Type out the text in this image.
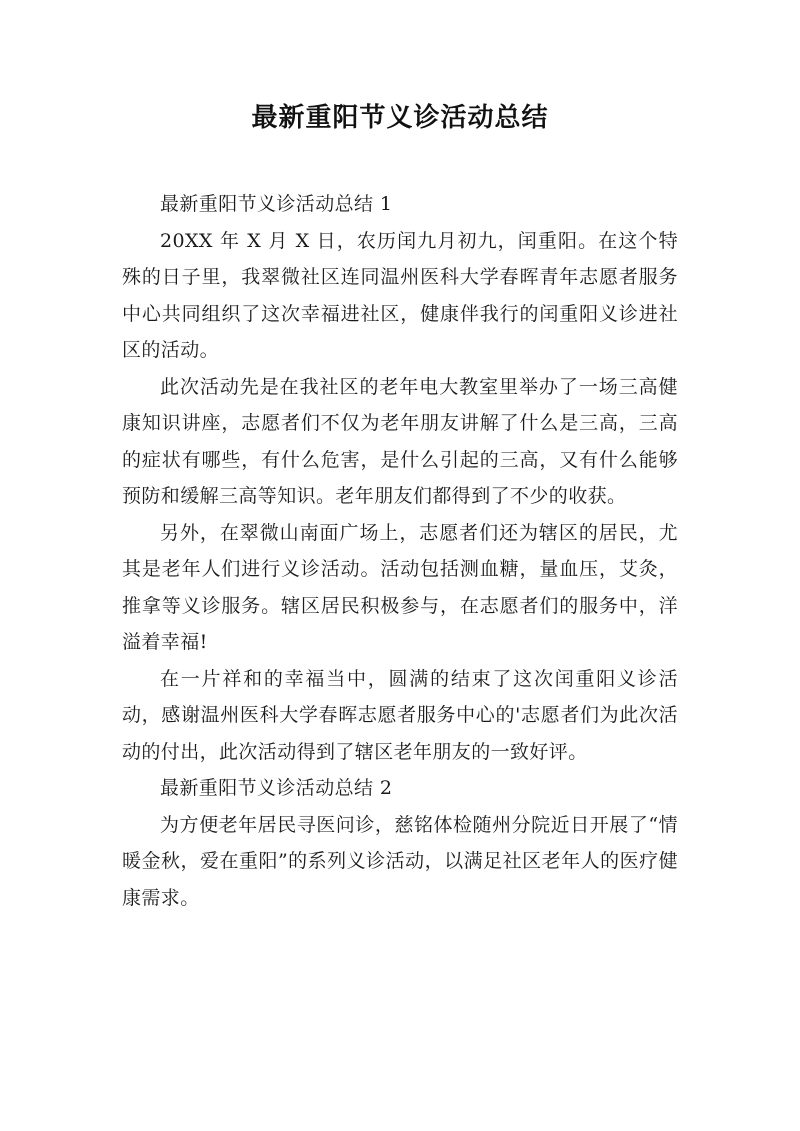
最新重阳节义诊活动总结

最新重阳节义诊活动总结 1

20XX 年 X 月 X 日，农历闰九月初九，闰重阳。在这个特殊的日子里，我翠微社区连同温州医科大学春晖青年志愿者服务中心共同组织了这次幸福进社区，健康伴我行的闰重阳义诊进社区的活动。

此次活动先是在我社区的老年电大教室里举办了一场三高健康知识讲座，志愿者们不仅为老年朋友讲解了什么是三高，三高的症状有哪些，有什么危害，是什么引起的三高，又有什么能够预防和缓解三高等知识。老年朋友们都得到了不少的收获。

另外，在翠微山南面广场上，志愿者们还为辖区的居民，尤其是老年人们进行义诊活动。活动包括测血糖，量血压，艾灸，推拿等义诊服务。辖区居民积极参与，在志愿者们的服务中，洋溢着幸福!

在一片祥和的幸福当中，圆满的结束了这次闰重阳义诊活动，感谢温州医科大学春晖志愿者服务中心的'志愿者们为此次活动的付出，此次活动得到了辖区老年朋友的一致好评。

最新重阳节义诊活动总结 2

为方便老年居民寻医问诊，慈铭体检随州分院近日开展了“情暖金秋，爱在重阳”的系列义诊活动，以满足社区老年人的医疗健康需求。
